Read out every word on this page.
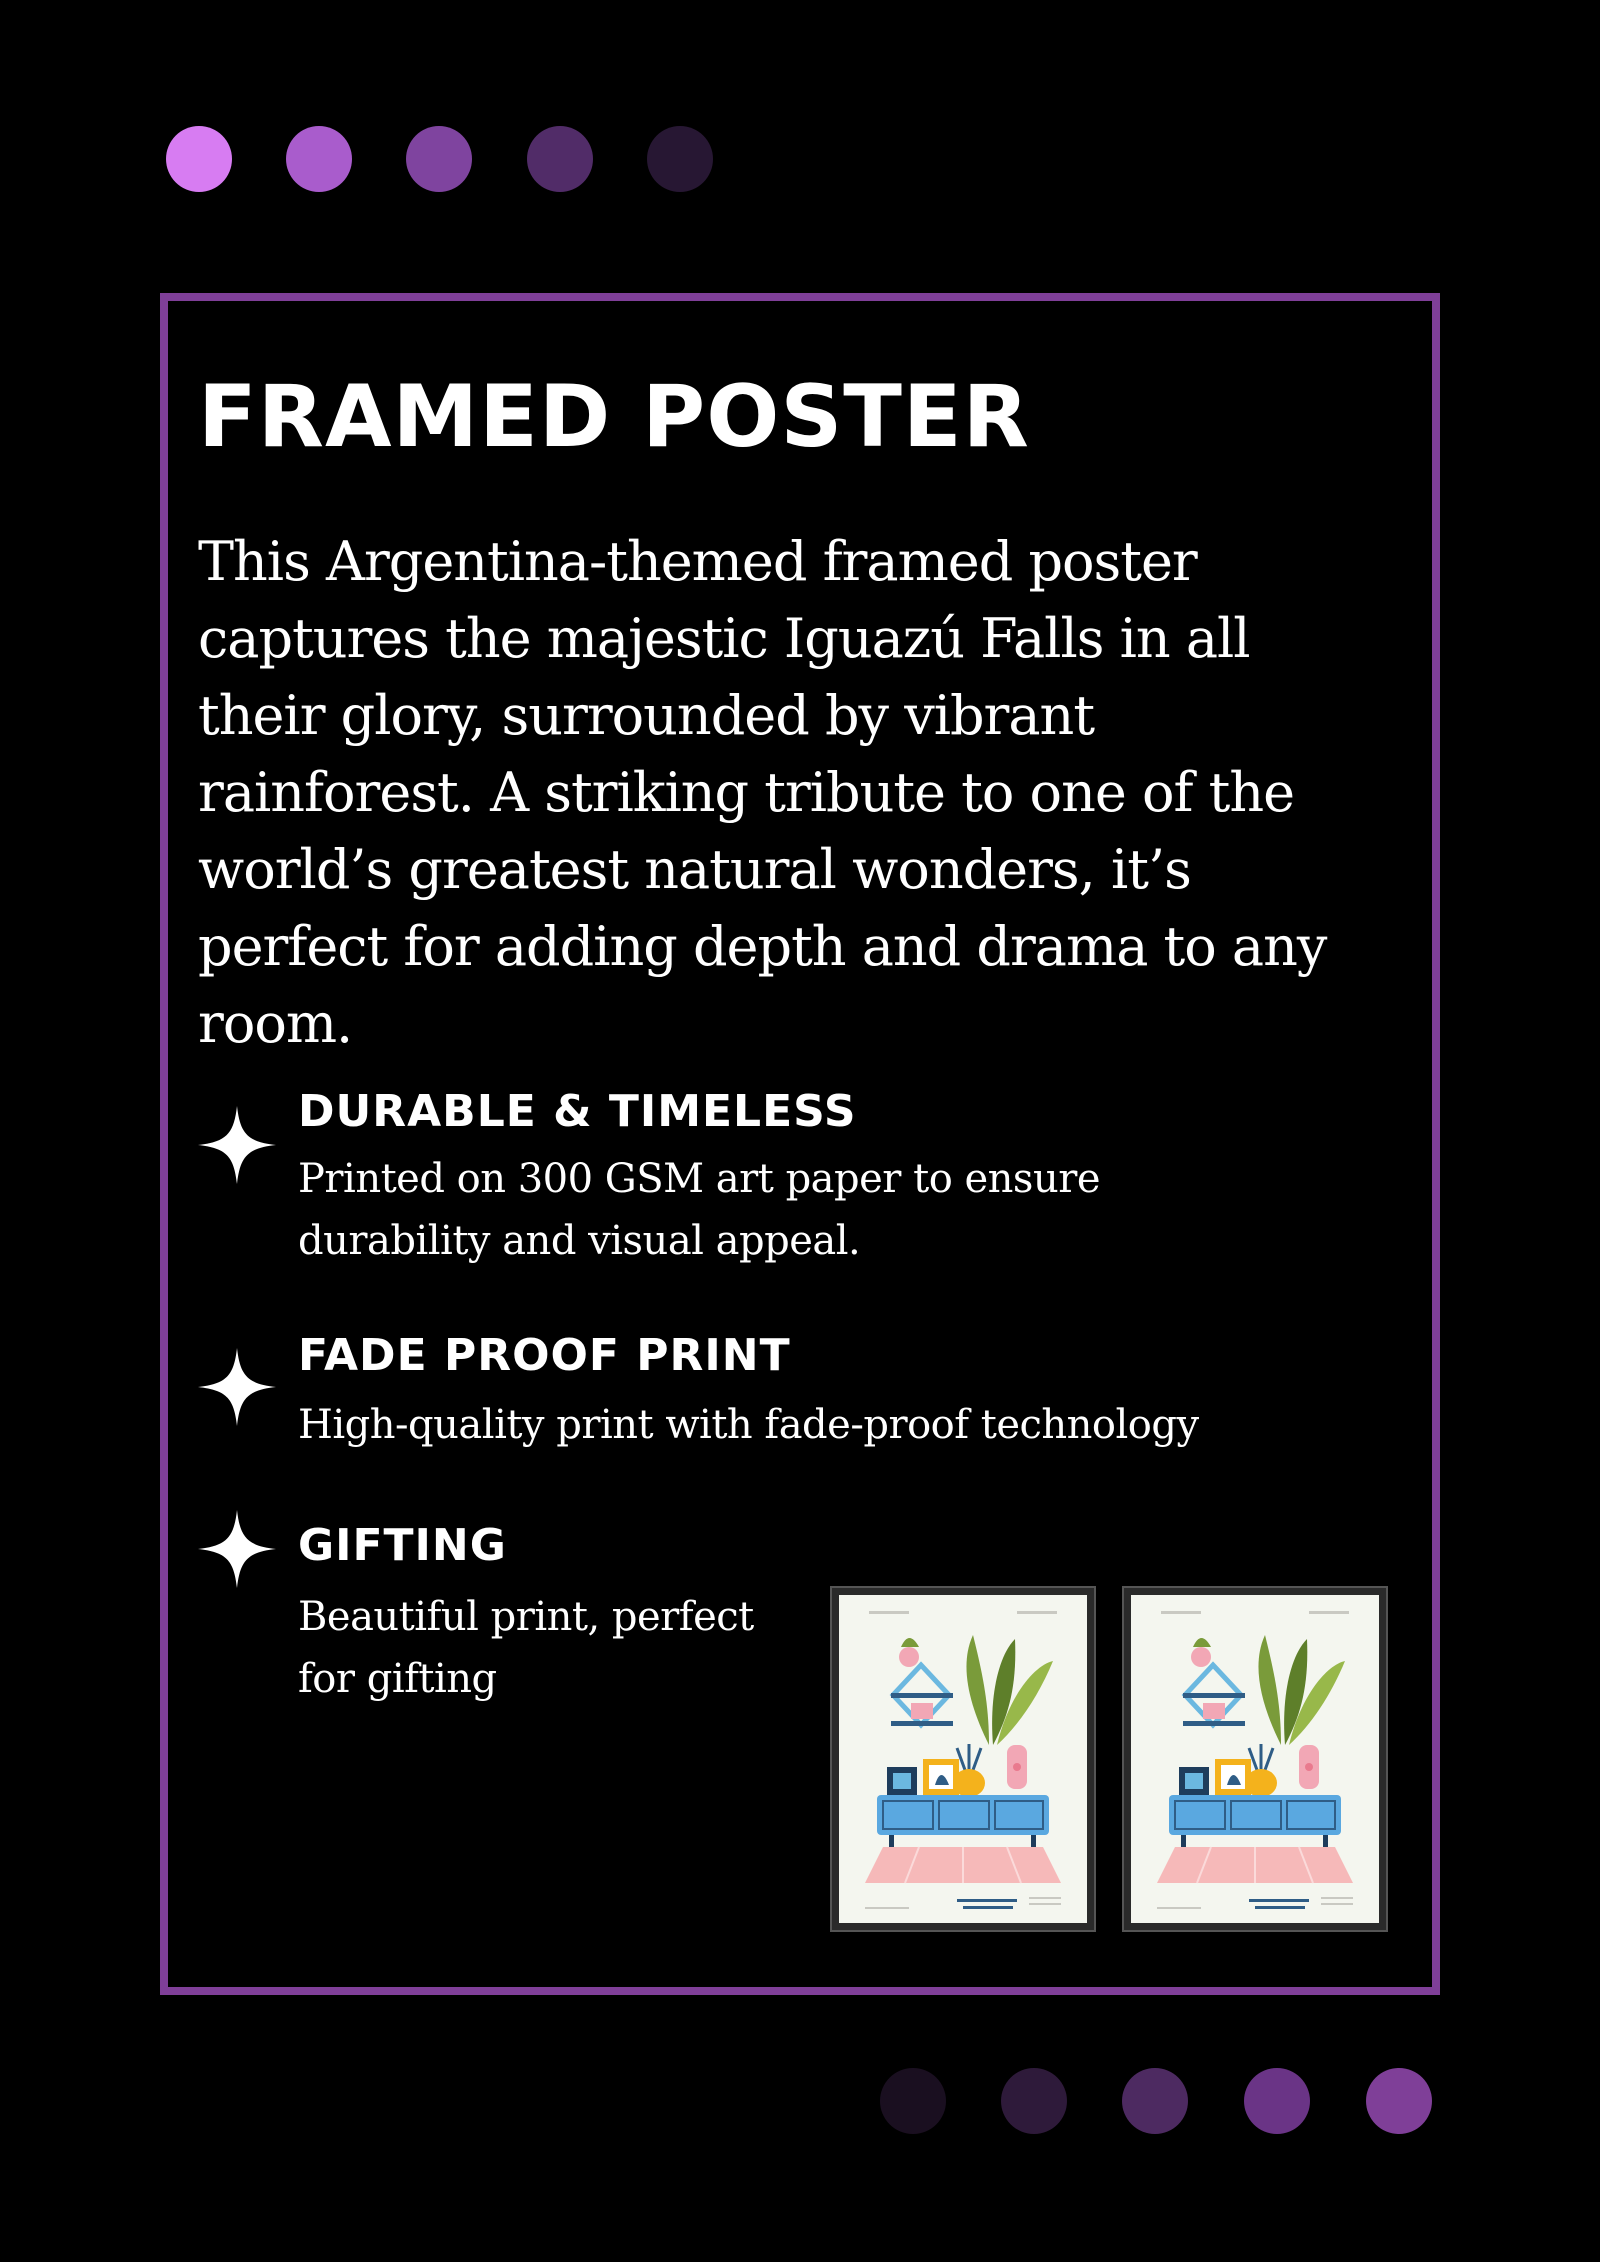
FRAMED POSTER

This Argentina-themed framed poster captures the majestic Iguazú Falls in all their glory, surrounded by vibrant rainforest. A striking tribute to one of the world’s greatest natural wonders, it’s perfect for adding depth and drama to any room.

DURABLE & TIMELESS

Printed on 300 GSM art paper to ensure durability and visual appeal.

FADE PROOF PRINT

High-quality print with fade-proof technology

GIFTING

Beautiful print, perfect for gifting
